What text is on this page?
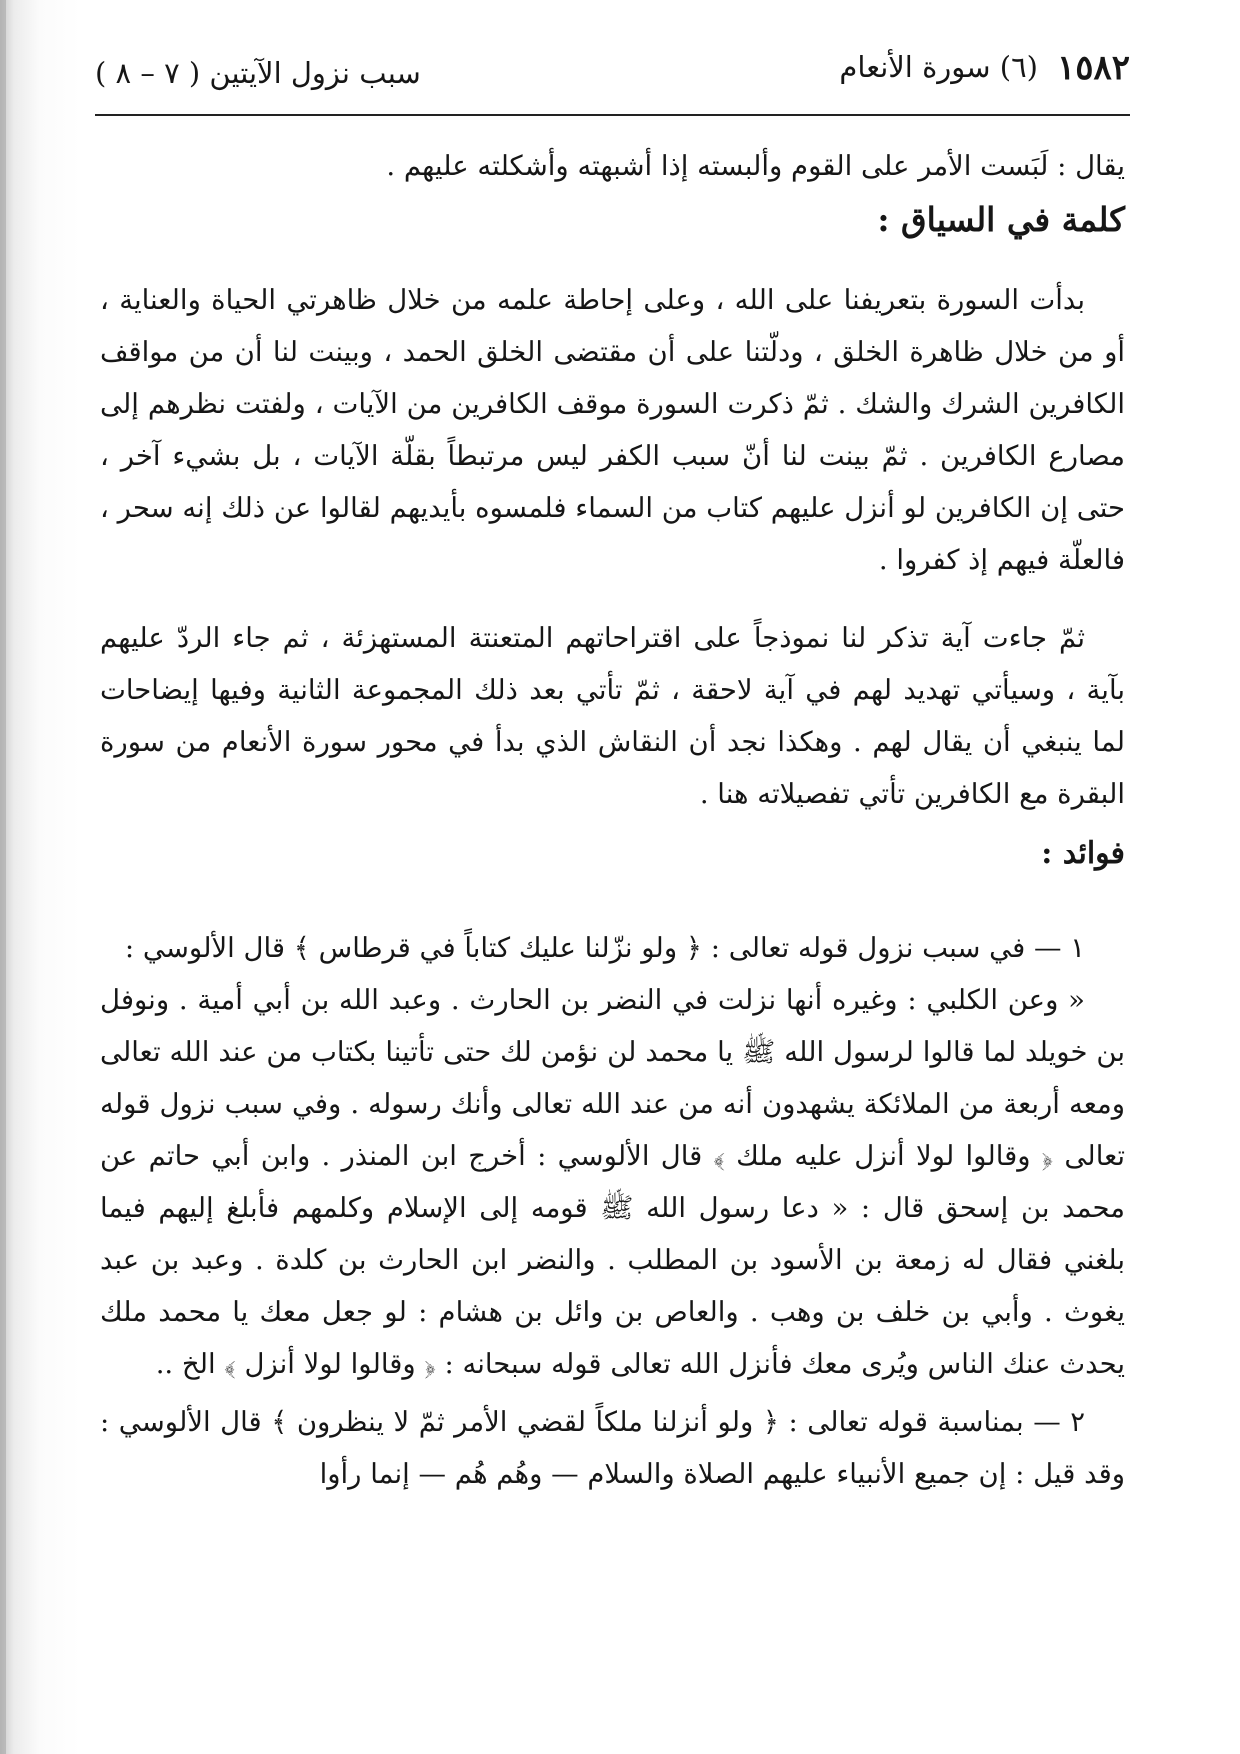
١٥٨٢
(٦) سورة الأنعام
سبب نزول الآيتين ( ٧ – ٨ )

يقال : لَبَست الأمر على القوم وألبسته إذا أشبهته وأشكلته عليهم .

كلمة في السياق :

بدأت السورة بتعريفنا على الله ، وعلى إحاطة علمه من خلال ظاهرتي الحياة والعناية ، أو من خلال ظاهرة الخلق ، ودلّتنا على أن مقتضى الخلق الحمد ، وبينت لنا أن من مواقف الكافرين الشرك والشك . ثمّ ذكرت السورة موقف الكافرين من الآيات ، ولفتت نظرهم إلى مصارع الكافرين . ثمّ بينت لنا أنّ سبب الكفر ليس مرتبطاً بقلّة الآيات ، بل بشيء آخر ، حتى إن الكافرين لو أنزل عليهم كتاب من السماء فلمسوه بأيديهم لقالوا عن ذلك إنه سحر ، فالعلّة فيهم إذ كفروا .

ثمّ جاءت آية تذكر لنا نموذجاً على اقتراحاتهم المتعنتة المستهزئة ، ثم جاء الردّ عليهم بآية ، وسيأتي تهديد لهم في آية لاحقة ، ثمّ تأتي بعد ذلك المجموعة الثانية وفيها إيضاحات لما ينبغي أن يقال لهم . وهكذا نجد أن النقاش الذي بدأ في محور سورة الأنعام من سورة البقرة مع الكافرين تأتي تفصيلاته هنا .

فوائد :

١ — في سبب نزول قوله تعالى : ﴿ ولو نزّلنا عليك كتاباً في قرطاس ﴾ قال الألوسي :

« وعن الكلبي : وغيره أنها نزلت في النضر بن الحارث . وعبد الله بن أبي أمية . ونوفل بن خويلد لما قالوا لرسول الله ﷺ يا محمد لن نؤمن لك حتى تأتينا بكتاب من عند الله تعالى ومعه أربعة من الملائكة يشهدون أنه من عند الله تعالى وأنك رسوله . وفي سبب نزول قوله تعالى ﴿ وقالوا لولا أنزل عليه ملك ﴾ قال الألوسي : أخرج ابن المنذر . وابن أبي حاتم عن محمد بن إسحق قال : « دعا رسول الله ﷺ قومه إلى الإسلام وكلمهم فأبلغ إليهم فيما بلغني فقال له زمعة بن الأسود بن المطلب . والنضر ابن الحارث بن كلدة . وعبد بن عبد يغوث . وأبي بن خلف بن وهب . والعاص بن وائل بن هشام : لو جعل معك يا محمد ملك يحدث عنك الناس ويُرى معك فأنزل الله تعالى قوله سبحانه : ﴿ وقالوا لولا أنزل ﴾ الخ ..

٢ — بمناسبة قوله تعالى : ﴿ ولو أنزلنا ملكاً لقضي الأمر ثمّ لا ينظرون ﴾ قال الألوسي : وقد قيل : إن جميع الأنبياء عليهم الصلاة والسلام — وهُم هُم — إنما رأوا
